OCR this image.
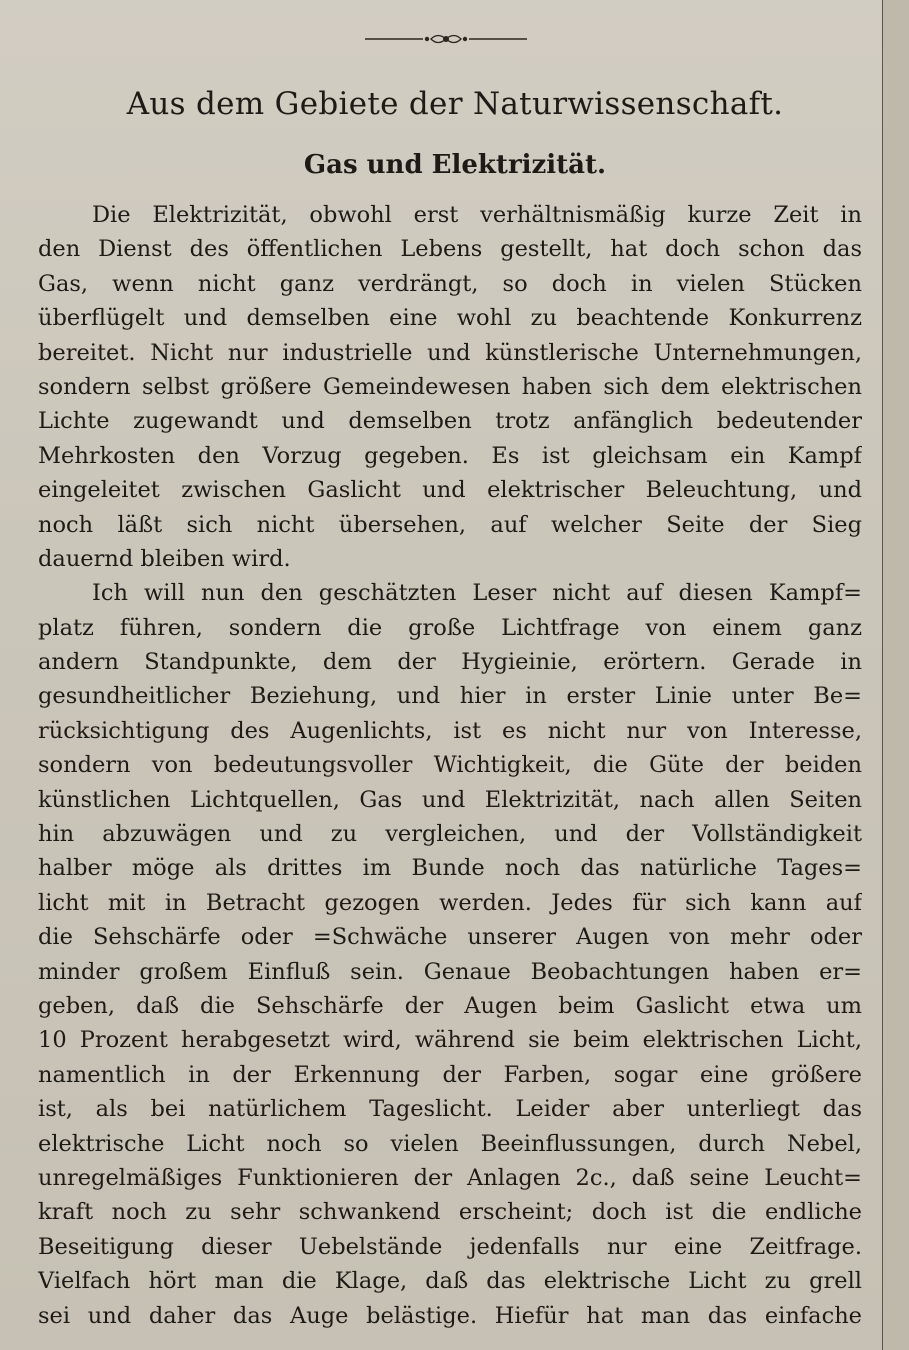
Aus dem Gebiete der Naturwissenschaft.
Gas und Elektrizität.
Die Elektrizität, obwohl erst verhältnismäßig kurze Zeit in
den Dienst des öffentlichen Lebens gestellt, hat doch schon das
Gas, wenn nicht ganz verdrängt, so doch in vielen Stücken
überflügelt und demselben eine wohl zu beachtende Konkurrenz
bereitet. Nicht nur industrielle und künstlerische Unternehmungen,
sondern selbst größere Gemeindewesen haben sich dem elektrischen
Lichte zugewandt und demselben trotz anfänglich bedeutender
Mehrkosten den Vorzug gegeben. Es ist gleichsam ein Kampf
eingeleitet zwischen Gaslicht und elektrischer Beleuchtung, und
noch läßt sich nicht übersehen, auf welcher Seite der Sieg
dauernd bleiben wird.
Ich will nun den geschätzten Leser nicht auf diesen Kampf=
platz führen, sondern die große Lichtfrage von einem ganz
andern Standpunkte, dem der Hygieinie, erörtern. Gerade in
gesundheitlicher Beziehung, und hier in erster Linie unter Be=
rücksichtigung des Augenlichts, ist es nicht nur von Interesse,
sondern von bedeutungsvoller Wichtigkeit, die Güte der beiden
künstlichen Lichtquellen, Gas und Elektrizität, nach allen Seiten
hin abzuwägen und zu vergleichen, und der Vollständigkeit
halber möge als drittes im Bunde noch das natürliche Tages=
licht mit in Betracht gezogen werden. Jedes für sich kann auf
die Sehschärfe oder =Schwäche unserer Augen von mehr oder
minder großem Einfluß sein. Genaue Beobachtungen haben er=
geben, daß die Sehschärfe der Augen beim Gaslicht etwa um
10 Prozent herabgesetzt wird, während sie beim elektrischen Licht,
namentlich in der Erkennung der Farben, sogar eine größere
ist, als bei natürlichem Tageslicht. Leider aber unterliegt das
elektrische Licht noch so vielen Beeinflussungen, durch Nebel,
unregelmäßiges Funktionieren der Anlagen 2c., daß seine Leucht=
kraft noch zu sehr schwankend erscheint; doch ist die endliche
Beseitigung dieser Uebelstände jedenfalls nur eine Zeitfrage.
Vielfach hört man die Klage, daß das elektrische Licht zu grell
sei und daher das Auge belästige. Hiefür hat man das einfache
